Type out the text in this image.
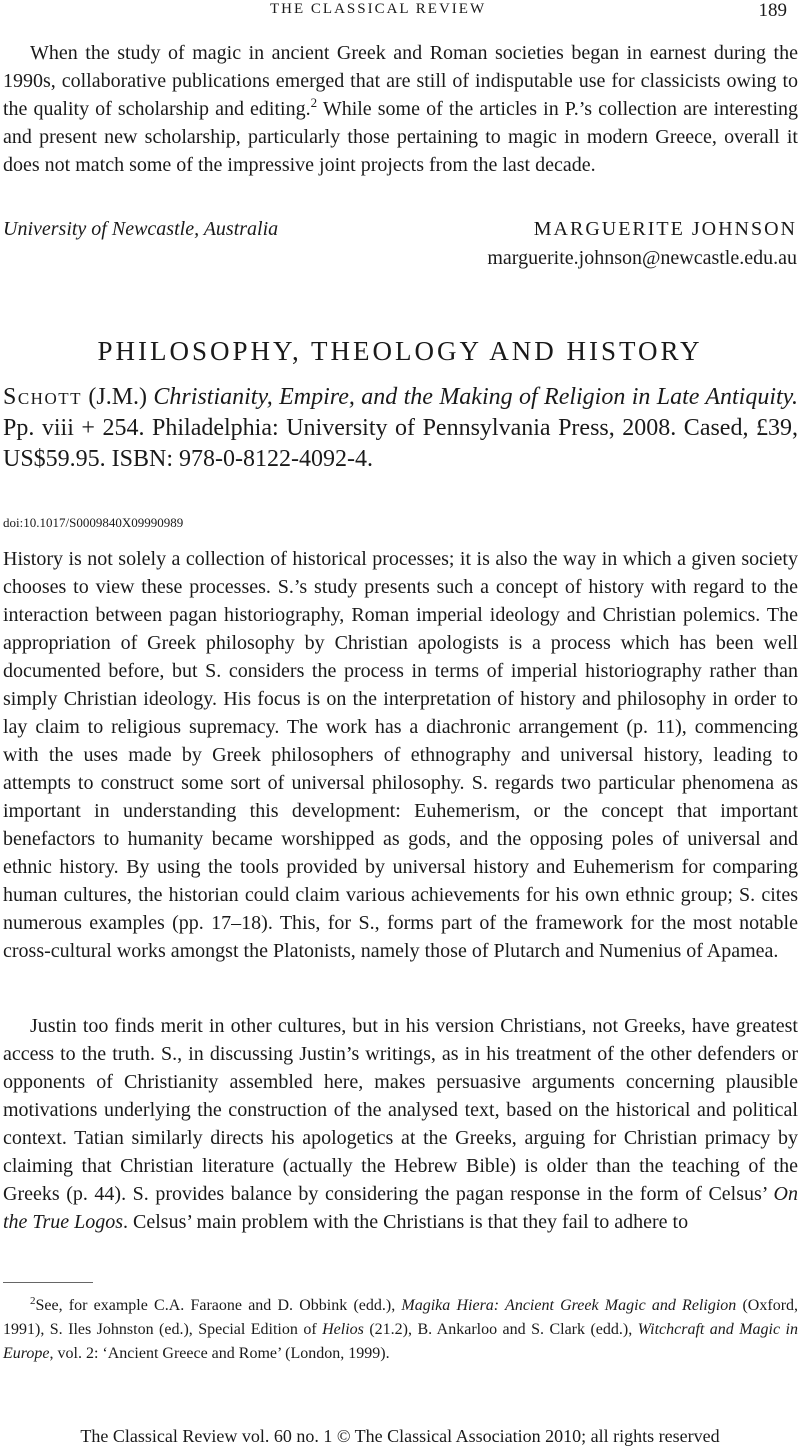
THE CLASSICAL REVIEW	189

When the study of magic in ancient Greek and Roman societies began in earnest during the 1990s, collaborative publications emerged that are still of indisputable use for classicists owing to the quality of scholarship and editing.$^2$ While some of the articles in P.’s collection are interesting and present new scholarship, particularly those pertaining to magic in modern Greece, overall it does not match some of the impressive joint projects from the last decade.

University of Newcastle, Australia	MARGUERITE JOHNSON
marguerite.johnson@newcastle.edu.au
PHILOSOPHY, THEOLOGY AND HISTORY

Schott (J.M.) Christianity, Empire, and the Making of Religion in Late Antiquity. Pp. viii + 254. Philadelphia: University of Pennsylvania Press, 2008. Cased, £39, US$59.95. ISBN: 978-0-8122-4092-4.

doi:10.1017/S0009840X09990989

History is not solely a collection of historical processes; it is also the way in which a given society chooses to view these processes. S.’s study presents such a concept of history with regard to the interaction between pagan historiography, Roman imperial ideology and Christian polemics. The appropriation of Greek philosophy by Christian apologists is a process which has been well documented before, but S. considers the process in terms of imperial historiography rather than simply Christian ideology. His focus is on the interpretation of history and philosophy in order to lay claim to religious supremacy. The work has a diachronic arrangement (p. 11), commencing with the uses made by Greek philosophers of ethnography and universal history, leading to attempts to construct some sort of universal philosophy. S. regards two particular phenomena as important in understanding this development: Euhemerism, or the concept that important benefactors to humanity became worshipped as gods, and the opposing poles of universal and ethnic history. By using the tools provided by universal history and Euhemerism for comparing human cultures, the historian could claim various achievements for his own ethnic group; S. cites numerous examples (pp. 17–18). This, for S., forms part of the framework for the most notable cross-cultural works amongst the Platonists, namely those of Plutarch and Numenius of Apamea.

Justin too finds merit in other cultures, but in his version Christians, not Greeks, have greatest access to the truth. S., in discussing Justin’s writings, as in his treatment of the other defenders or opponents of Christianity assembled here, makes persuasive arguments concerning plausible motivations underlying the construction of the analysed text, based on the historical and political context. Tatian similarly directs his apologetics at the Greeks, arguing for Christian primacy by claiming that Christian literature (actually the Hebrew Bible) is older than the teaching of the Greeks (p. 44). S. provides balance by considering the pagan response in the form of Celsus’ On the True Logos. Celsus’ main problem with the Christians is that they fail to adhere to

$^2$See, for example C.A. Faraone and D. Obbink (edd.), Magika Hiera: Ancient Greek Magic and Religion (Oxford, 1991), S. Iles Johnston (ed.), Special Edition of Helios (21.2), B. Ankarloo and S. Clark (edd.), Witchcraft and Magic in Europe, vol. 2: ‘Ancient Greece and Rome’ (London, 1999).

The Classical Review vol. 60 no. 1 © The Classical Association 2010; all rights reserved
